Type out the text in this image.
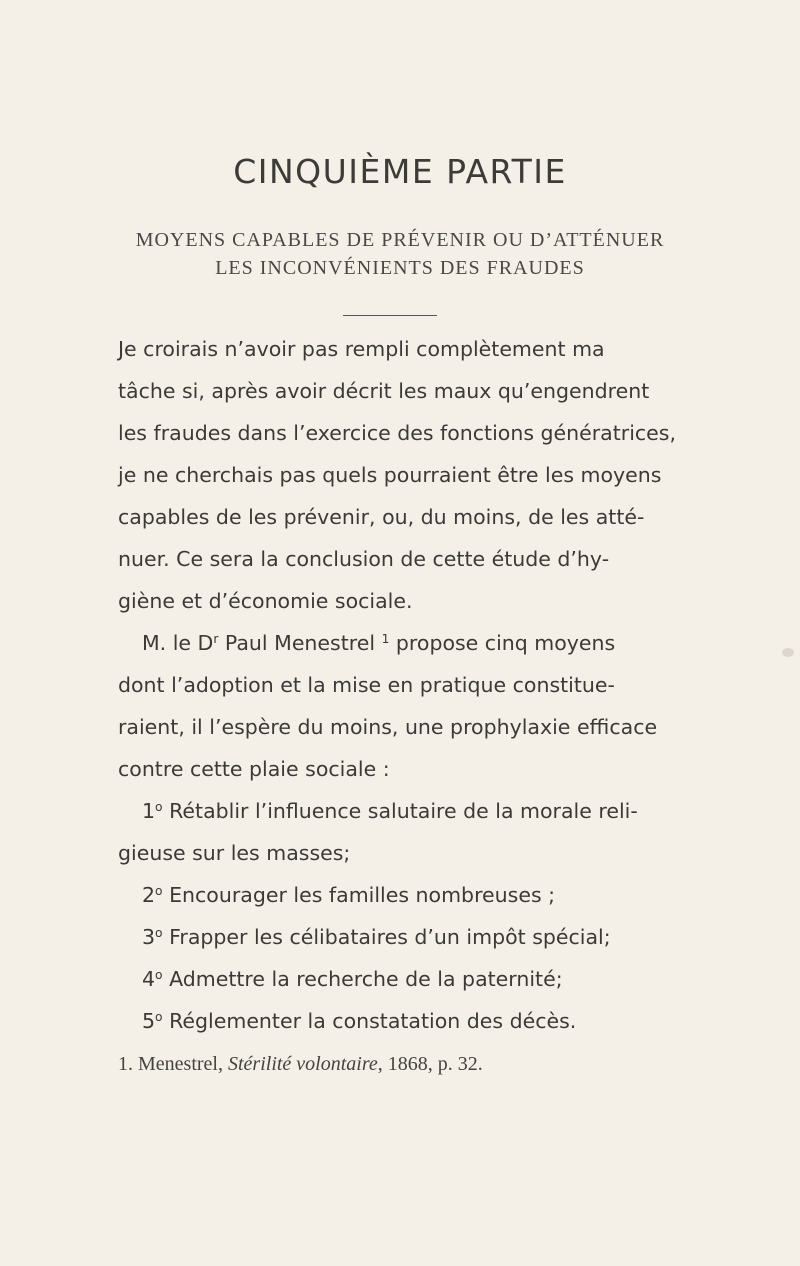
CINQUIÈME PARTIE
MOYENS CAPABLES DE PRÉVENIR OU D’ATTÉNUER
LES INCONVÉNIENTS DES FRAUDES
Je croirais n’avoir pas rempli complètement ma
tâche si, après avoir décrit les maux qu’engendrent
les fraudes dans l’exercice des fonctions génératrices,
je ne cherchais pas quels pourraient être les moyens
capables de les prévenir, ou, du moins, de les atté-
nuer. Ce sera la conclusion de cette étude d’hy-
giène et d’économie sociale.
M. le $D^r$ Paul Menestrel $^1$ propose cinq moyens
dont l’adoption et la mise en pratique constitue-
raient, il l’espère du moins, une prophylaxie efficace
contre cette plaie sociale :
1$^o$ Rétablir l’influence salutaire de la morale reli-
gieuse sur les masses;
2$^o$ Encourager les familles nombreuses ;
3$^o$ Frapper les célibataires d’un impôt spécial;
4$^o$ Admettre la recherche de la paternité;
5$^o$ Réglementer la constatation des décès.
1. Menestrel, Stérilité volontaire, 1868, p. 32.
